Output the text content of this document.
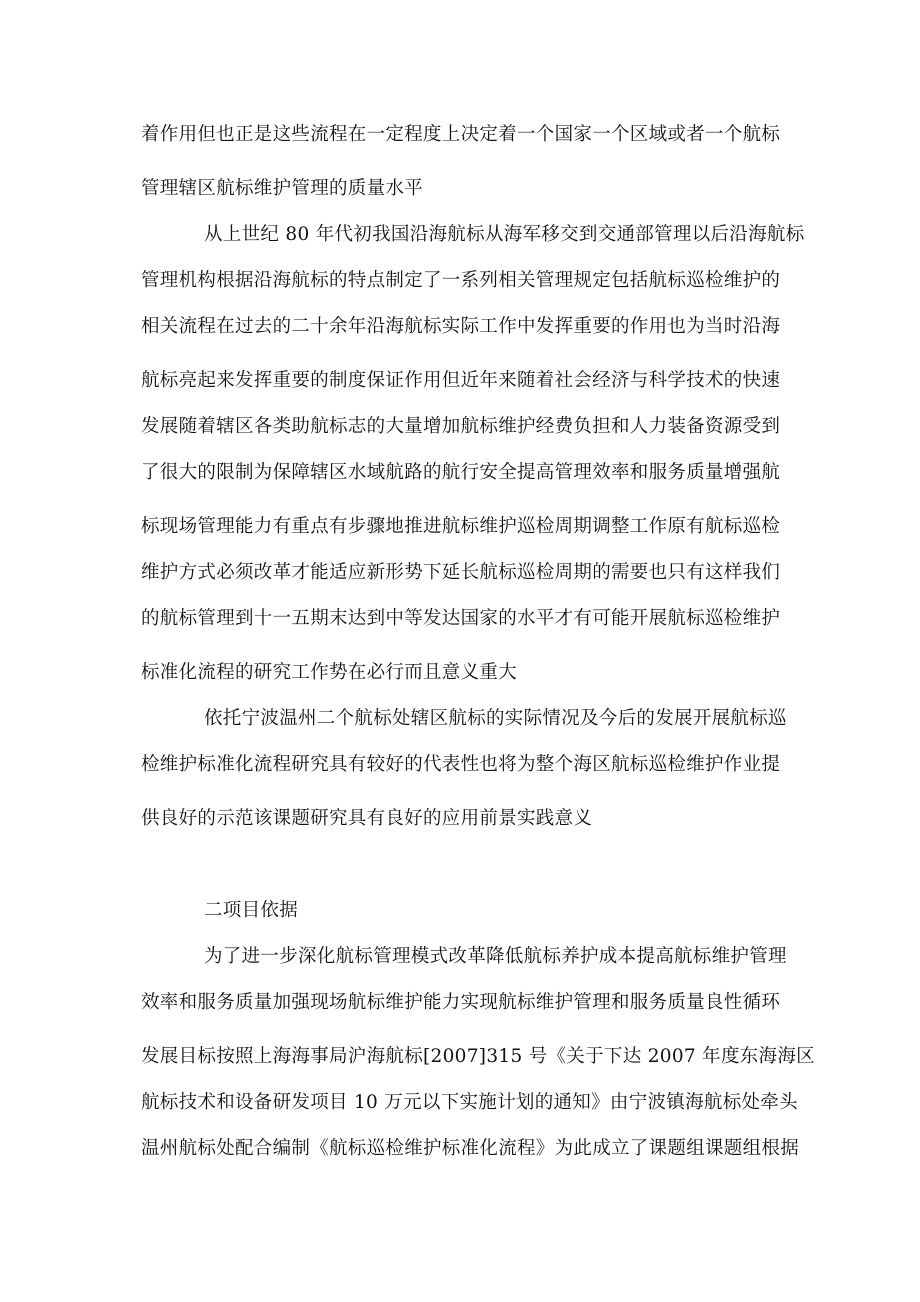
着作用但也正是这些流程在一定程度上决定着一个国家一个区域或者一个航标
管理辖区航标维护管理的质量水平
从上世纪 80 年代初我国沿海航标从海军移交到交通部管理以后沿海航标
管理机构根据沿海航标的特点制定了一系列相关管理规定包括航标巡检维护的
相关流程在过去的二十余年沿海航标实际工作中发挥重要的作用也为当时沿海
航标亮起来发挥重要的制度保证作用但近年来随着社会经济与科学技术的快速
发展随着辖区各类助航标志的大量增加航标维护经费负担和人力装备资源受到
了很大的限制为保障辖区水域航路的航行安全提高管理效率和服务质量增强航
标现场管理能力有重点有步骤地推进航标维护巡检周期调整工作原有航标巡检
维护方式必须改革才能适应新形势下延长航标巡检周期的需要也只有这样我们
的航标管理到十一五期末达到中等发达国家的水平才有可能开展航标巡检维护
标准化流程的研究工作势在必行而且意义重大
依托宁波温州二个航标处辖区航标的实际情况及今后的发展开展航标巡
检维护标准化流程研究具有较好的代表性也将为整个海区航标巡检维护作业提
供良好的示范该课题研究具有良好的应用前景实践意义
二项目依据
为了进一步深化航标管理模式改革降低航标养护成本提高航标维护管理
效率和服务质量加强现场航标维护能力实现航标维护管理和服务质量良性循环
发展目标按照上海海事局沪海航标[2007]315 号《关于下达 2007 年度东海海区
航标技术和设备研发项目 10 万元以下实施计划的通知》由宁波镇海航标处牵头
温州航标处配合编制《航标巡检维护标准化流程》为此成立了课题组课题组根据
